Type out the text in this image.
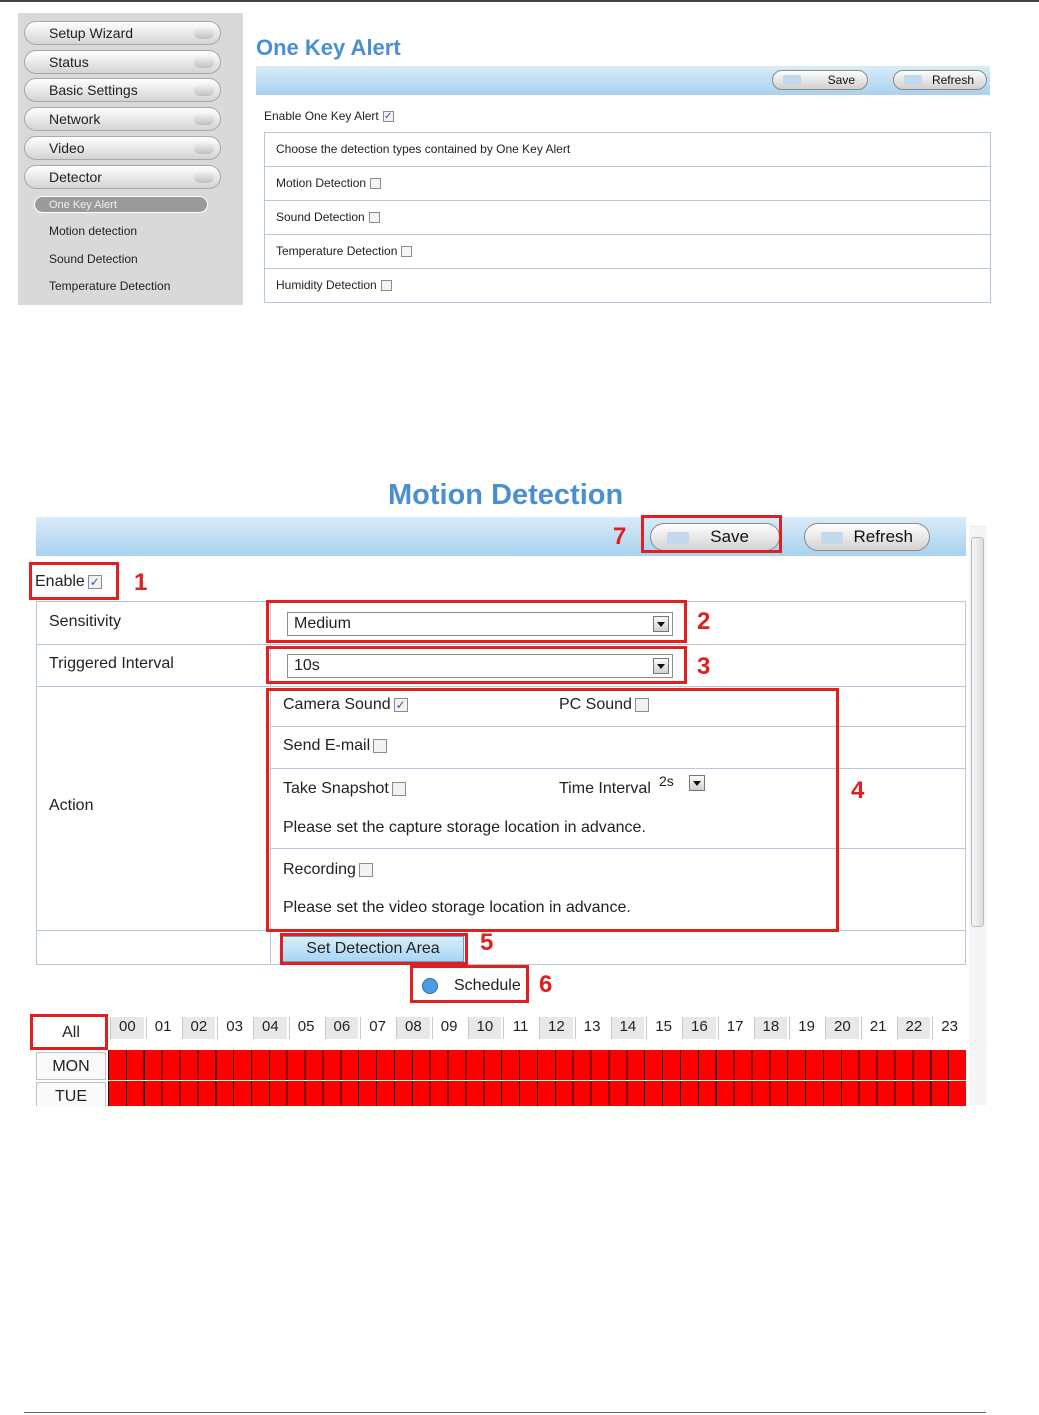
Setup Wizard
Status
Basic Settings
Network
Video
Detector
One Key Alert
Motion detection
Sound Detection
Temperature Detection
One Key Alert
Save	Refresh
Enable One Key Alert ✓
Choose the detection types contained by One Key Alert
Motion Detection
Sound Detection
Temperature Detection
Humidity Detection
Motion Detection
Save	Refresh
7
Enable ✓ 1
Sensitivity	Medium	2
Triggered Interval	10s	3
Action
Camera Sound ✓	PC Sound
Send E-mail
Take Snapshot	Time Interval 2s
Please set the capture storage location in advance.
Recording
Please set the video storage location in advance.
4
Set Detection Area	5
Schedule 6
All	00	01	02	03	04	05	06	07	08	09	10	11	12	13	14	15	16	17	18	19	20	21	22	23
MON
TUE
